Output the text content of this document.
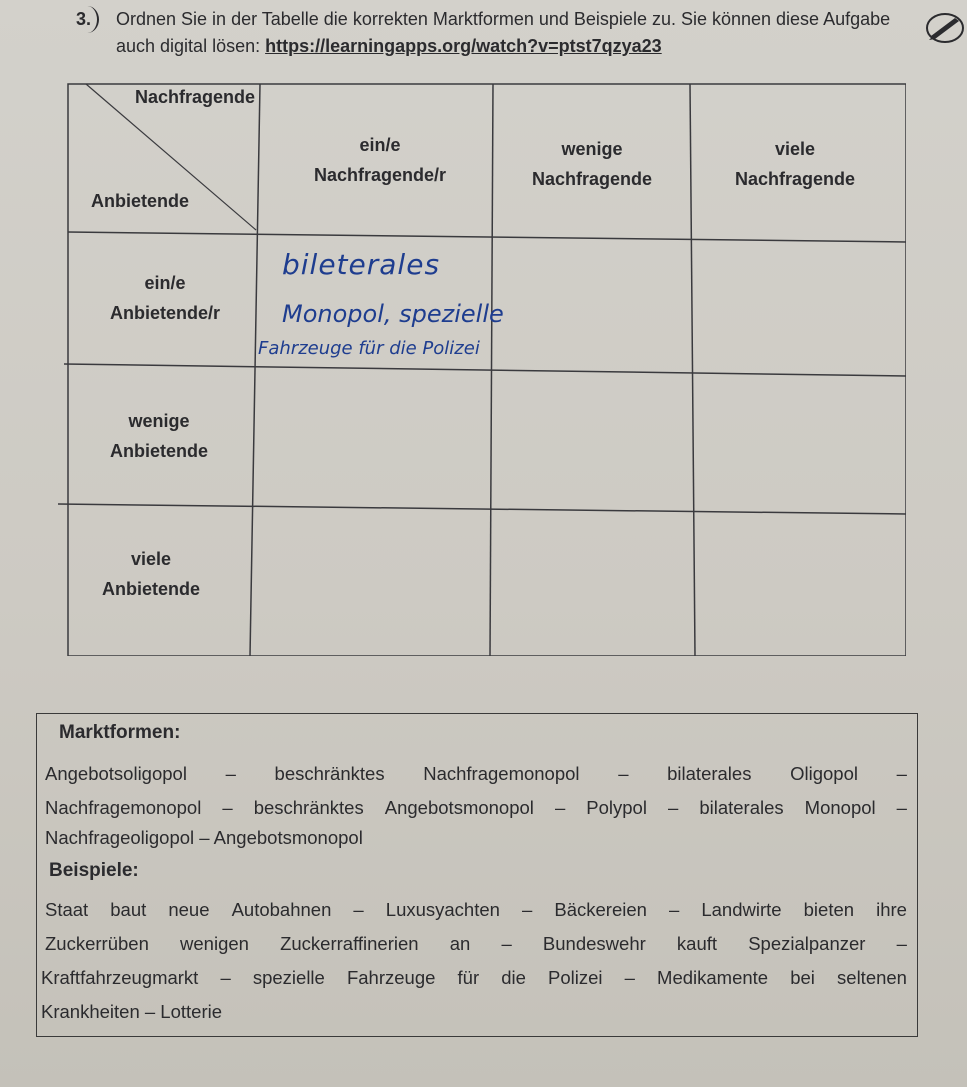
3.	Ordnen Sie in der Tabelle die korrekten Marktformen und Beispiele zu. Sie können diese Aufgabe
auch digital lösen: https://learningapps.org/watch?v=ptst7qzya23
Nachfragende
Anbietende
ein/e
Nachfragende/r
wenige
Nachfragende
viele
Nachfragende
ein/e
Anbietende/r
wenige
Anbietende
viele
Anbietende
bileterales
Monopol, spezielle
Fahrzeuge für die Polizei
Marktformen:
Angebotsoligopol – beschränktes Nachfragemonopol – bilaterales Oligopol –
Nachfragemonopol – beschränktes Angebotsmonopol – Polypol – bilaterales Monopol –
Nachfrageoligopol – Angebotsmonopol
Beispiele:
Staat baut neue Autobahnen – Luxusyachten – Bäckereien – Landwirte bieten ihre
Zuckerrüben wenigen Zuckerraffinerien an – Bundeswehr kauft Spezialpanzer –
Kraftfahrzeugmarkt – spezielle Fahrzeuge für die Polizei – Medikamente bei seltenen
Krankheiten – Lotterie
